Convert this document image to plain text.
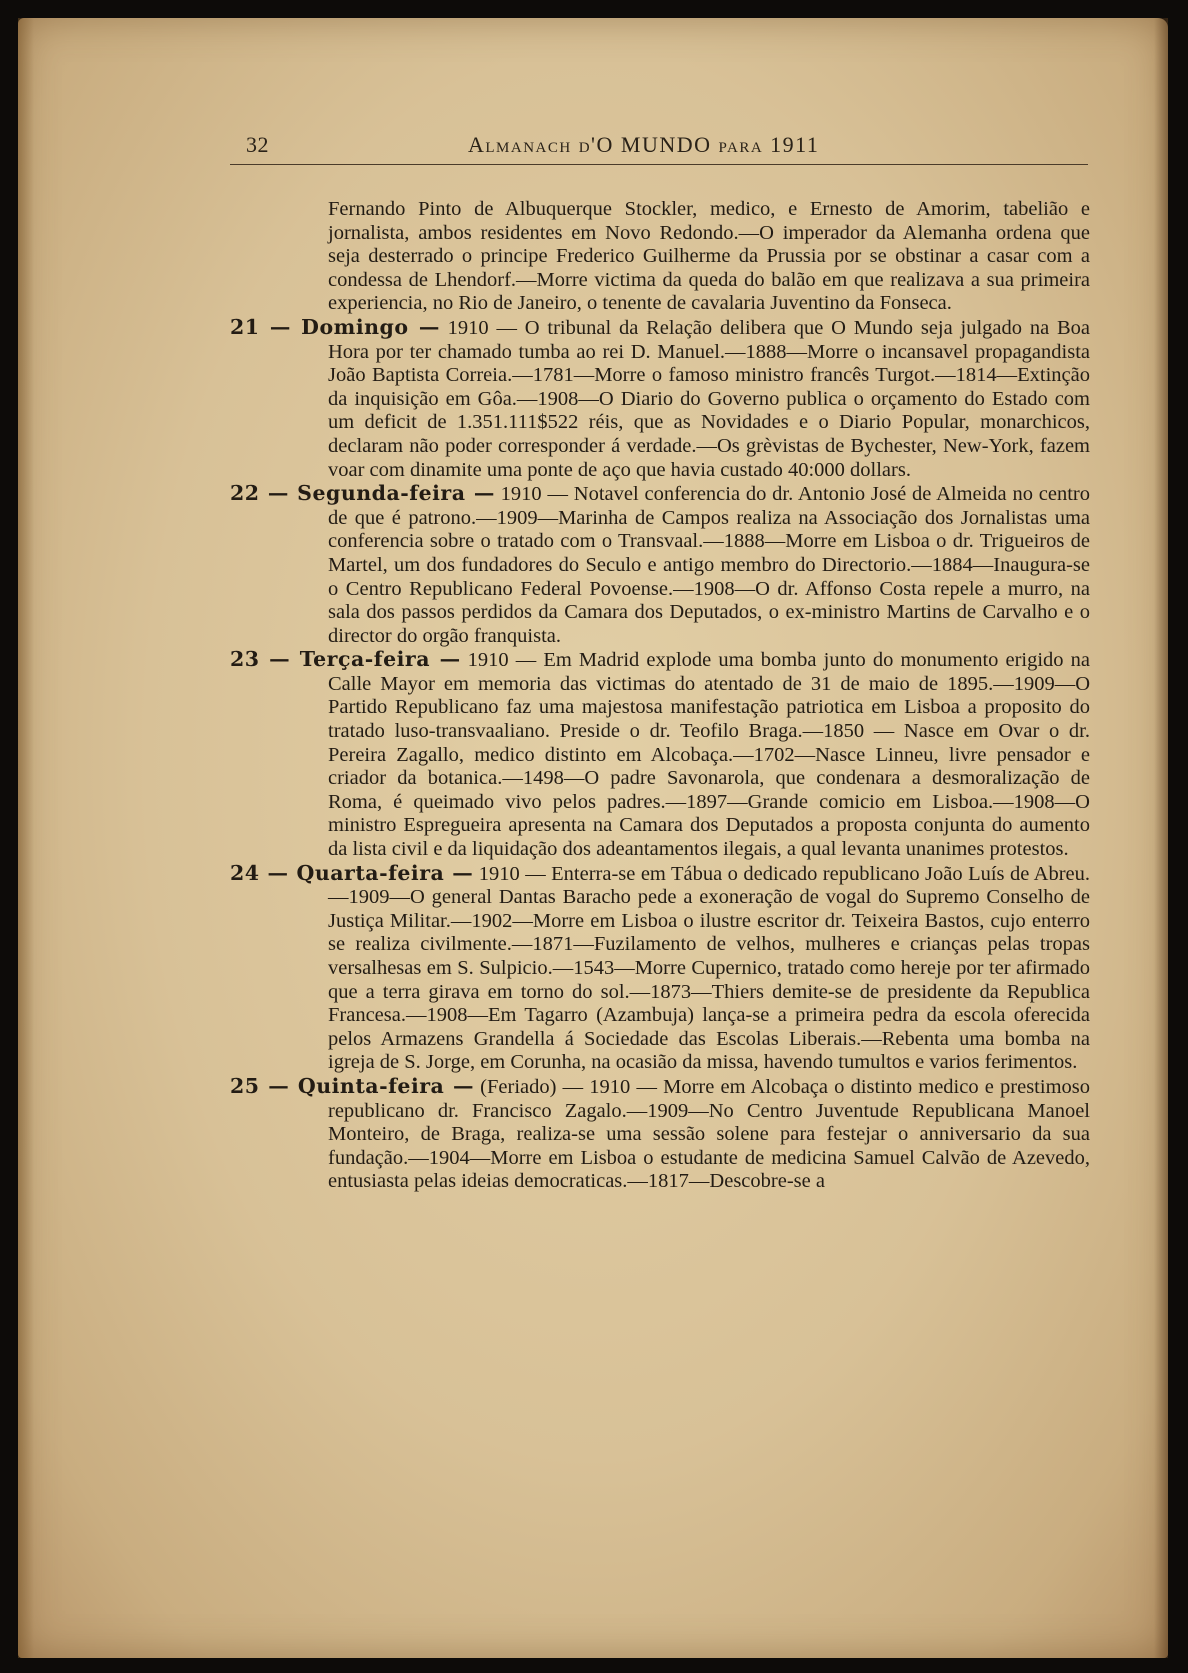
32	Almanach d'O MUNDO para 1911

Fernando Pinto de Albuquerque Stockler, medico, e Ernesto de Amorim, tabelião e jornalista, ambos residentes em Novo Redondo.—O imperador da Alemanha ordena que seja desterrado o principe Frederico Guilherme da Prussia por se obstinar a casar com a condessa de Lhendorf.—Morre victima da queda do balão em que realizava a sua primeira experiencia, no Rio de Janeiro, o tenente de cavalaria Juventino da Fonseca.

21 — Domingo — 1910 — O tribunal da Relação delibera que O Mundo seja julgado na Boa Hora por ter chamado tumba ao rei D. Manuel.—1888—Morre o incansavel propagandista João Baptista Correia.—1781—Morre o famoso ministro francês Turgot.—1814—Extinção da inquisição em Gôa.—1908—O Diario do Governo publica o orçamento do Estado com um deficit de 1.351.111$522 réis, que as Novidades e o Diario Popular, monarchicos, declaram não poder corresponder á verdade.—Os grèvistas de Bychester, New-York, fazem voar com dinamite uma ponte de aço que havia custado 40:000 dollars.

22 — Segunda-feira — 1910 — Notavel conferencia do dr. Antonio José de Almeida no centro de que é patrono.—1909—Marinha de Campos realiza na Associação dos Jornalistas uma conferencia sobre o tratado com o Transvaal.—1888—Morre em Lisboa o dr. Trigueiros de Martel, um dos fundadores do Seculo e antigo membro do Directorio.—1884—Inaugura-se o Centro Republicano Federal Povoense.—1908—O dr. Affonso Costa repele a murro, na sala dos passos perdidos da Camara dos Deputados, o ex-ministro Martins de Carvalho e o director do orgão franquista.

23 — Terça-feira — 1910 — Em Madrid explode uma bomba junto do monumento erigido na Calle Mayor em memoria das victimas do atentado de 31 de maio de 1895.—1909—O Partido Republicano faz uma majestosa manifestação patriotica em Lisboa a proposito do tratado luso-transvaaliano. Preside o dr. Teofilo Braga.—1850 — Nasce em Ovar o dr. Pereira Zagallo, medico distinto em Alcobaça.—1702—Nasce Linneu, livre pensador e criador da botanica.—1498—O padre Savonarola, que condenara a desmoralização de Roma, é queimado vivo pelos padres.—1897—Grande comicio em Lisboa.—1908—O ministro Espregueira apresenta na Camara dos Deputados a proposta conjunta do aumento da lista civil e da liquidação dos adeantamentos ilegais, a qual levanta unanimes protestos.

24 — Quarta-feira — 1910 — Enterra-se em Tábua o dedicado republicano João Luís de Abreu.—1909—O general Dantas Baracho pede a exoneração de vogal do Supremo Conselho de Justiça Militar.—1902—Morre em Lisboa o ilustre escritor dr. Teixeira Bastos, cujo enterro se realiza civilmente.—1871—Fuzilamento de velhos, mulheres e crianças pelas tropas versalhesas em S. Sulpicio.—1543—Morre Cupernico, tratado como hereje por ter afirmado que a terra girava em torno do sol.—1873—Thiers demite-se de presidente da Republica Francesa.—1908—Em Tagarro (Azambuja) lança-se a primeira pedra da escola oferecida pelos Armazens Grandella á Sociedade das Escolas Liberais.—Rebenta uma bomba na igreja de S. Jorge, em Corunha, na ocasião da missa, havendo tumultos e varios ferimentos.

25 — Quinta-feira — (Feriado) — 1910 — Morre em Alcobaça o distinto medico e prestimoso republicano dr. Francisco Zagalo.—1909—No Centro Juventude Republicana Manoel Monteiro, de Braga, realiza-se uma sessão solene para festejar o anniversario da sua fundação.—1904—Morre em Lisboa o estudante de medicina Samuel Calvão de Azevedo, entusiasta pelas ideias democraticas.—1817—Descobre-se a
